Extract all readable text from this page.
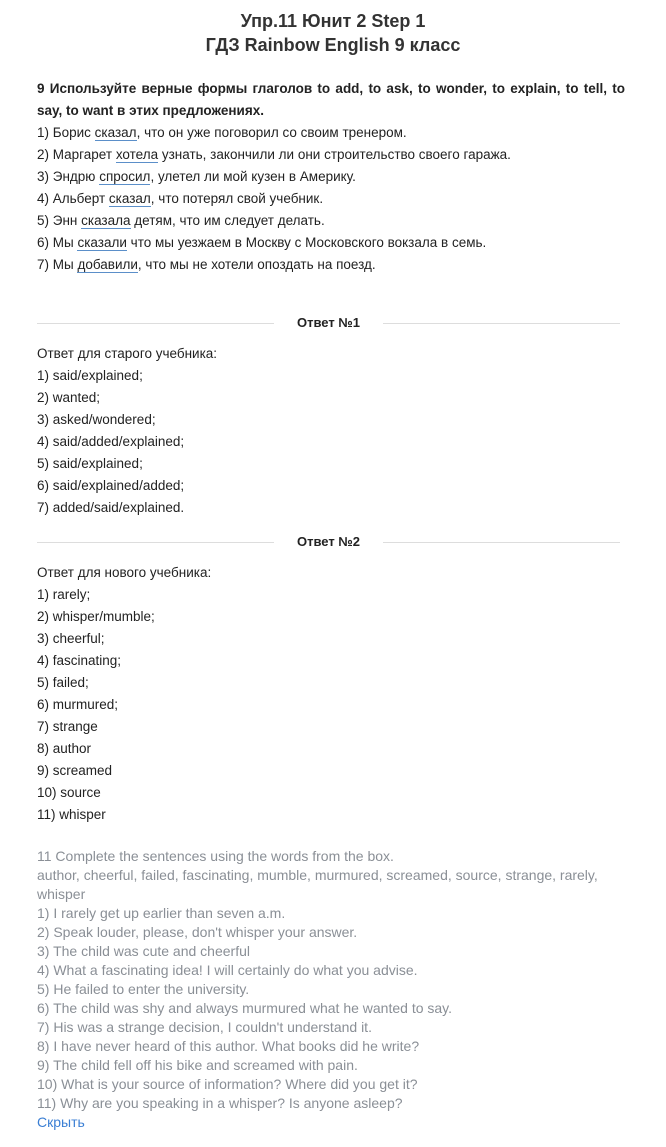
Упр.11 Юнит 2 Step 1
ГДЗ Rainbow English 9 класс
9 Используйте верные формы глаголов to add, to ask, to wonder, to explain, to tell, to say, to want в этих предложениях.
1) Борис сказал, что он уже поговорил со своим тренером.
2) Маргарет хотела узнать, закончили ли они строительство своего гаража.
3) Эндрю спросил, улетел ли мой кузен в Америку.
4) Альберт сказал, что потерял свой учебник.
5) Энн сказала детям, что им следует делать.
6) Мы сказали что мы уезжаем в Москву с Московского вокзала в семь.
7) Мы добавили, что мы не хотели опоздать на поезд.
Ответ №1
Ответ для старого учебника:
1) said/explained;
2) wanted;
3) asked/wondered;
4) said/added/explained;
5) said/explained;
6) said/explained/added;
7) added/said/explained.
Ответ №2
Ответ для нового учебника:
1) rarely;
2) whisper/mumble;
3) cheerful;
4) fascinating;
5) failed;
6) murmured;
7) strange
8) author
9) screamed
10) source
11) whisper
11 Complete the sentences using the words from the box.
author, cheerful, failed, fascinating, mumble, murmured, screamed, source, strange, rarely, whisper
1) I rarely get up earlier than seven a.m.
2) Speak louder, please, don't whisper your answer.
3) The child was cute and cheerful
4) What a fascinating idea! I will certainly do what you advise.
5) He failed to enter the university.
6) The child was shy and always murmured what he wanted to say.
7) His was a strange decision, I couldn't understand it.
8) I have never heard of this author. What books did he write?
9) The child fell off his bike and screamed with pain.
10) What is your source of information? Where did you get it?
11) Why are you speaking in a whisper? Is anyone asleep?
Скрыть
